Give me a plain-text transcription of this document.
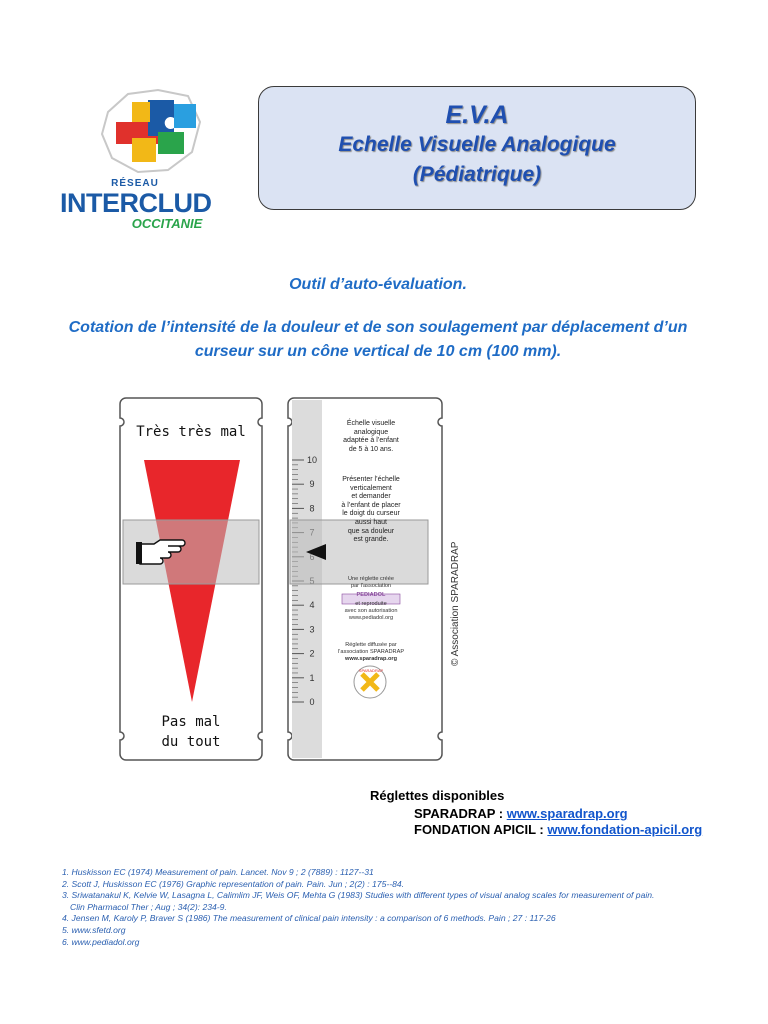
RÉSEAU
INTERCLUD
OCCITANIE
E.V.A
Echelle Visuelle Analogique
(Pédiatrique)
Outil d’auto-évaluation.
Cotation de l’intensité de la douleur et de son soulagement par déplacement d’un curseur sur un cône vertical de 10 cm (100 mm).
Très très mal
Pas mal
du tout
10
9
8
4
3
2
1
0
Échelle visuelle
analogique
adaptée à l’enfant
de 5 à 10 ans.
Présenter l’échelle
verticalement
et demander
à l’enfant de placer
le doigt du curseur
aussi haut
que sa douleur
est grande.
Une réglette créée
par l’association
PEDIADOL
et reproduite
avec son autorisation
www.pediadol.org
Réglette diffusée par
l’association SPARADRAP
www.sparadrap.org
SPARADRAP
© Association SPARADRAP
Réglettes disponibles
SPARADRAP : www.sparadrap.org
FONDATION APICIL : www.fondation-apicil.org
1. Huskisson EC (1974) Measurement of pain. Lancet. Nov 9 ; 2 (7889) : 1127--31
2. Scott J, Huskisson EC (1976) Graphic representation of pain. Pain. Jun ; 2(2) : 175--84.
3. Sriwatanakul K, Kelvie W, Lasagna L, Calimlim JF, Weis OF, Mehta G (1983) Studies with different types of visual analog scales for measurement of pain.
Clin Pharmacol Ther ; Aug ; 34(2): 234-9.
4. Jensen M, Karoly P, Braver S (1986) The measurement of clinical pain intensity : a comparison of 6 methods. Pain ; 27 : 117-26
5. www.sfetd.org
6. www.pediadol.org
